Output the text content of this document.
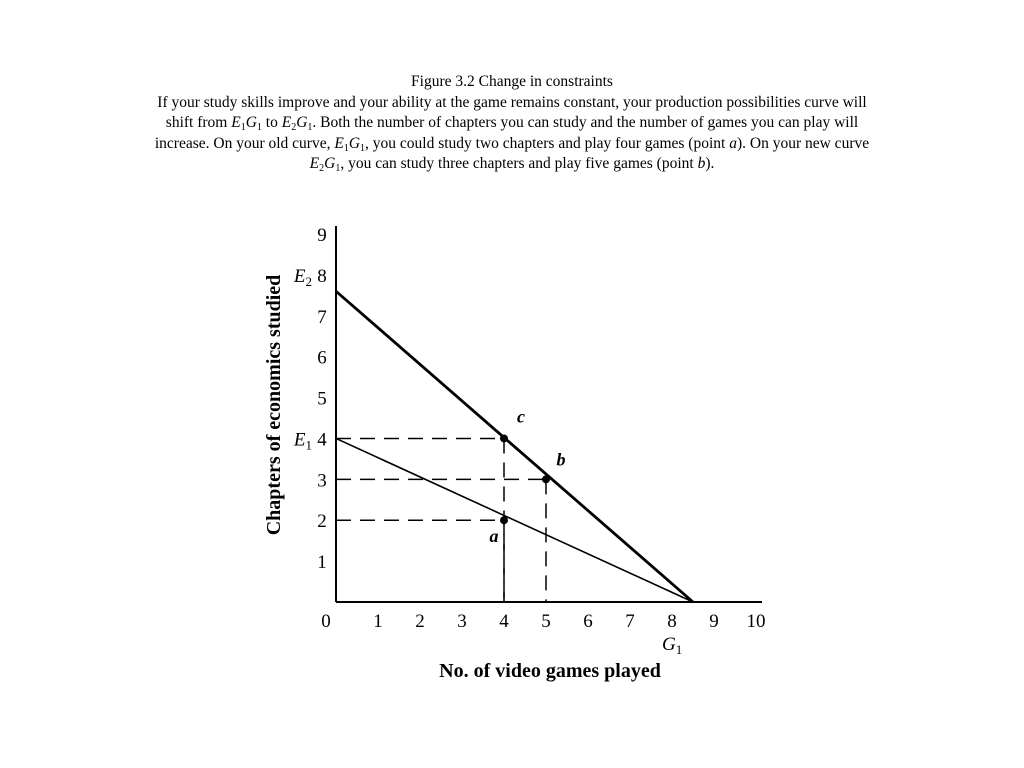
Figure 3.2 Change in constraints
If your study skills improve and your ability at the game remains constant, your production possibilities curve will shift from $E_1G_1$ to $E_2G_1$. Both the number of chapters you can study and the number of games you can play will increase. On your old curve, $E_1G_1$, you could study two chapters and play four games (point a). On your new curve $E_2G_1$, you can study three chapters and play five games (point b).
0 1 2 3 4 5 6 7 8 9 10
1
2
3
4
5
6
7
8
9
$E_1$
$E_2$
$G_1$
a
b
c
No. of video games played
Chapters of economics studied
